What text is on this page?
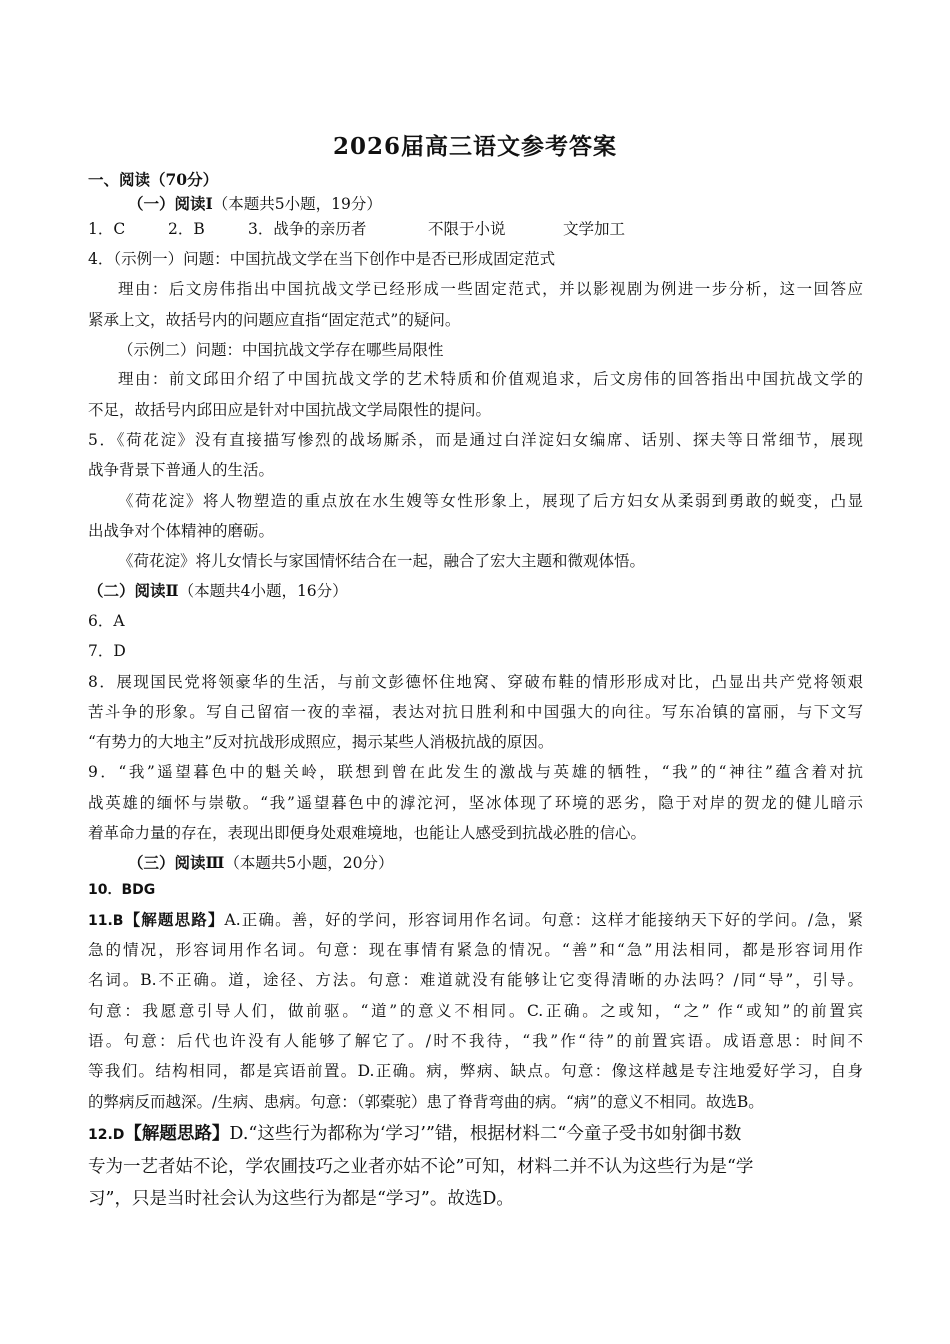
2026届高三语文参考答案
一、阅读（70分）
（一）阅读Ⅰ（本题共5小题，19分）
1．C	2．B	3．战争的亲历者	不限于小说	文学加工
4．（示例一）问题：中国抗战文学在当下创作中是否已形成固定范式
理由：后文房伟指出中国抗战文学已经形成一些固定范式，并以影视剧为例进一步分析，这一回答应
紧承上文，故括号内的问题应直指“固定范式”的疑问。
（示例二）问题：中国抗战文学存在哪些局限性
理由：前文邱田介绍了中国抗战文学的艺术特质和价值观追求，后文房伟的回答指出中国抗战文学的
不足，故括号内邱田应是针对中国抗战文学局限性的提问。
5．《荷花淀》没有直接描写惨烈的战场厮杀，而是通过白洋淀妇女编席、话别、探夫等日常细节，展现
战争背景下普通人的生活。
《荷花淀》将人物塑造的重点放在水生嫂等女性形象上，展现了后方妇女从柔弱到勇敢的蜕变，凸显
出战争对个体精神的磨砺。
《荷花淀》将儿女情长与家国情怀结合在一起，融合了宏大主题和微观体悟。
（二）阅读Ⅱ（本题共4小题，16分）
6．A
7．D
8．展现国民党将领豪华的生活，与前文彭德怀住地窝、穿破布鞋的情形形成对比，凸显出共产党将领艰
苦斗争的形象。写自己留宿一夜的幸福，表达对抗日胜利和中国强大的向往。写东冶镇的富丽，与下文写
“有势力的大地主”反对抗战形成照应，揭示某些人消极抗战的原因。
9．“我”遥望暮色中的魁关岭，联想到曾在此发生的激战与英雄的牺牲，“我”的“神往”蕴含着对抗
战英雄的缅怀与崇敬。“我”遥望暮色中的滹沱河，坚冰体现了环境的恶劣，隐于对岸的贺龙的健儿暗示
着革命力量的存在，表现出即便身处艰难境地，也能让人感受到抗战必胜的信心。
（三）阅读Ⅲ（本题共5小题，20分）
10．BDG
11.B【解题思路】A.正确。善，好的学问，形容词用作名词。句意：这样才能接纳天下好的学问。/急，紧
急的情况，形容词用作名词。句意：现在事情有紧急的情况。“善”和“急”用法相同，都是形容词用作
名词。B.不正确。道，途径、方法。句意：难道就没有能够让它变得清晰的办法吗？/同“导”，引导。
句意：我愿意引导人们，做前驱。“道”的意义不相同。C.正确。之或知，“之” 作“或知”的前置宾
语。句意：后代也许没有人能够了解它了。/时不我待，“我”作“待”的前置宾语。成语意思：时间不
等我们。结构相同，都是宾语前置。D.正确。病，弊病、缺点。句意：像这样越是专注地爱好学习，自身
的弊病反而越深。/生病、患病。句意：（郭橐驼）患了脊背弯曲的病。“病”的意义不相同。故选B。
12.D【解题思路】D.“这些行为都称为‘学习’”错，根据材料二“今童子受书如射御书数
专为一艺者姑不论，学农圃技巧之业者亦姑不论”可知，材料二并不认为这些行为是“学
习”，只是当时社会认为这些行为都是“学习”。故选D。
